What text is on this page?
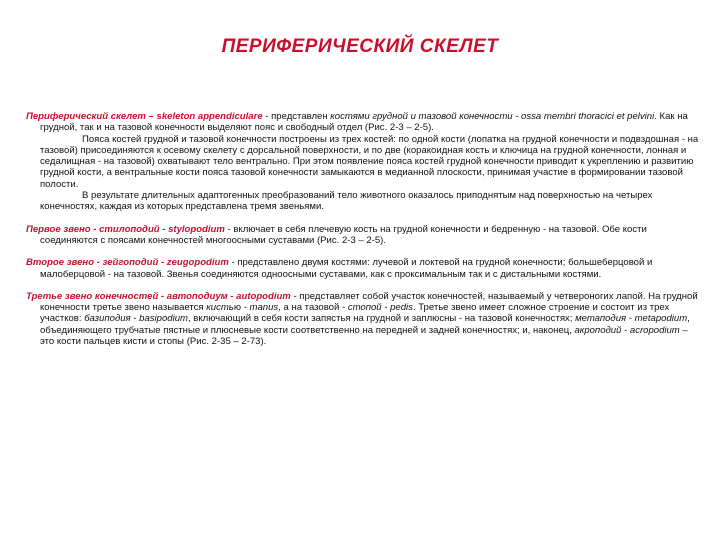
ПЕРИФЕРИЧЕСКИЙ СКЕЛЕТ

Периферический скелет – skeleton appendiculare - представлен костями грудной и тазовой конечности - ossa membri thoracici et pelvini. Как на грудной, так и на тазовой конечности выделяют пояс и свободный отдел (Рис. 2-3 – 2-5).
Пояса костей грудной и тазовой конечности построены из трех костей: по одной кости (лопатка на грудной конечности и подвздошная - на тазовой) присоединяются к осевому скелету с дорсальной поверхности, и по две (коракоидная кость и ключица на грудной конечности, лонная и седалищная - на тазовой) охватывают тело вентрально. При этом появление пояса костей грудной конечности приводит к укреплению и развитию грудной кости, а вентральные кости пояса тазовой конечности замыкаются в медианной плоскости, принимая участие в формировании тазовой полости.
В результате длительных адаптогенных преобразований тело животного оказалось приподнятым над поверхностью на четырех конечностях, каждая из которых представлена тремя звеньями.

Первое звено - стилоподий - stylopodium - включает в себя плечевую кость на грудной конечности и бедренную - на тазовой. Обе кости соединяются с поясами конечностей многоосными суставами (Рис. 2-3 – 2-5).

Второе звено - зейгоподий - zeugopodium - представлено двумя костями: лучевой и локтевой на грудной конечности; большеберцовой и малоберцовой - на тазовой. Звенья соединяются одноосными суставами, как с проксимальным так и с дистальными костями.

Третье звено конечностей - автоподиум - autopodium - представляет собой участок конечностей, называемый у четвероногих лапой. На грудной конечности третье звено называется кистью - manus, а на тазовой - стопой - pedis. Третье звено имеет сложное строение и состоит из трех участков: базиподия - basipodium, включающий в себя кости запястья на грудной и заплюсны - на тазовой конечностях; метаподия - metapodium, объединяющего трубчатые пястные и плюсневые кости соответственно на передней и задней конечностях; и, наконец, акроподий - acropodium – это кости пальцев кисти и стопы (Рис. 2-35 – 2-73).
